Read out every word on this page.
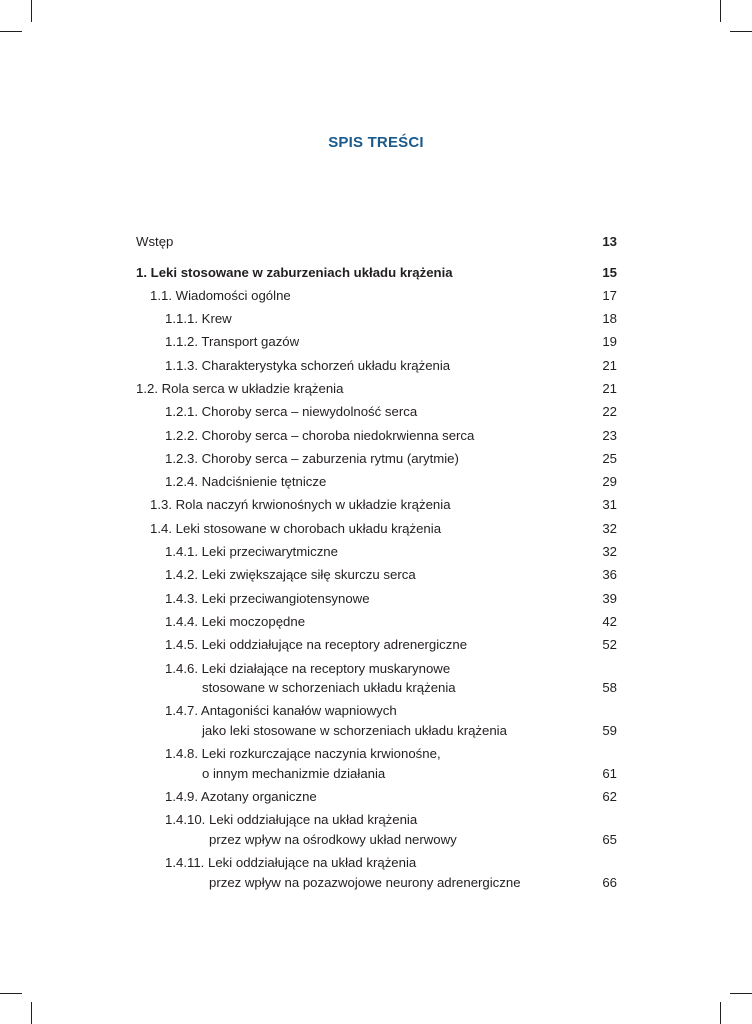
SPIS TREŚCI
Wstęp	13
1. Leki stosowane w zaburzeniach układu krążenia	15
1.1. Wiadomości ogólne	17
1.1.1. Krew	18
1.1.2. Transport gazów	19
1.1.3. Charakterystyka schorzeń układu krążenia	21
1.2. Rola serca w układzie krążenia	21
1.2.1. Choroby serca – niewydolność serca	22
1.2.2. Choroby serca – choroba niedokrwienna serca	23
1.2.3. Choroby serca – zaburzenia rytmu (arytmie)	25
1.2.4. Nadciśnienie tętnicze	29
1.3. Rola naczyń krwionośnych w układzie krążenia	31
1.4. Leki stosowane w chorobach układu krążenia	32
1.4.1. Leki przeciwarytmiczne	32
1.4.2. Leki zwiększające siłę skurczu serca	36
1.4.3. Leki przeciwangiotensynowe	39
1.4.4. Leki moczopędne	42
1.4.5. Leki oddziałujące na receptory adrenergiczne	52
1.4.6. Leki działające na receptory muskarynowe
stosowane w schorzeniach układu krążenia	58
1.4.7. Antagoniści kanałów wapniowych
jako leki stosowane w schorzeniach układu krążenia	59
1.4.8. Leki rozkurczające naczynia krwionośne,
o innym mechanizmie działania	61
1.4.9. Azotany organiczne	62
1.4.10. Leki oddziałujące na układ krążenia
przez wpływ na ośrodkowy układ nerwowy	65
1.4.11. Leki oddziałujące na układ krążenia
przez wpływ na pozazwojowe neurony adrenergiczne	66
